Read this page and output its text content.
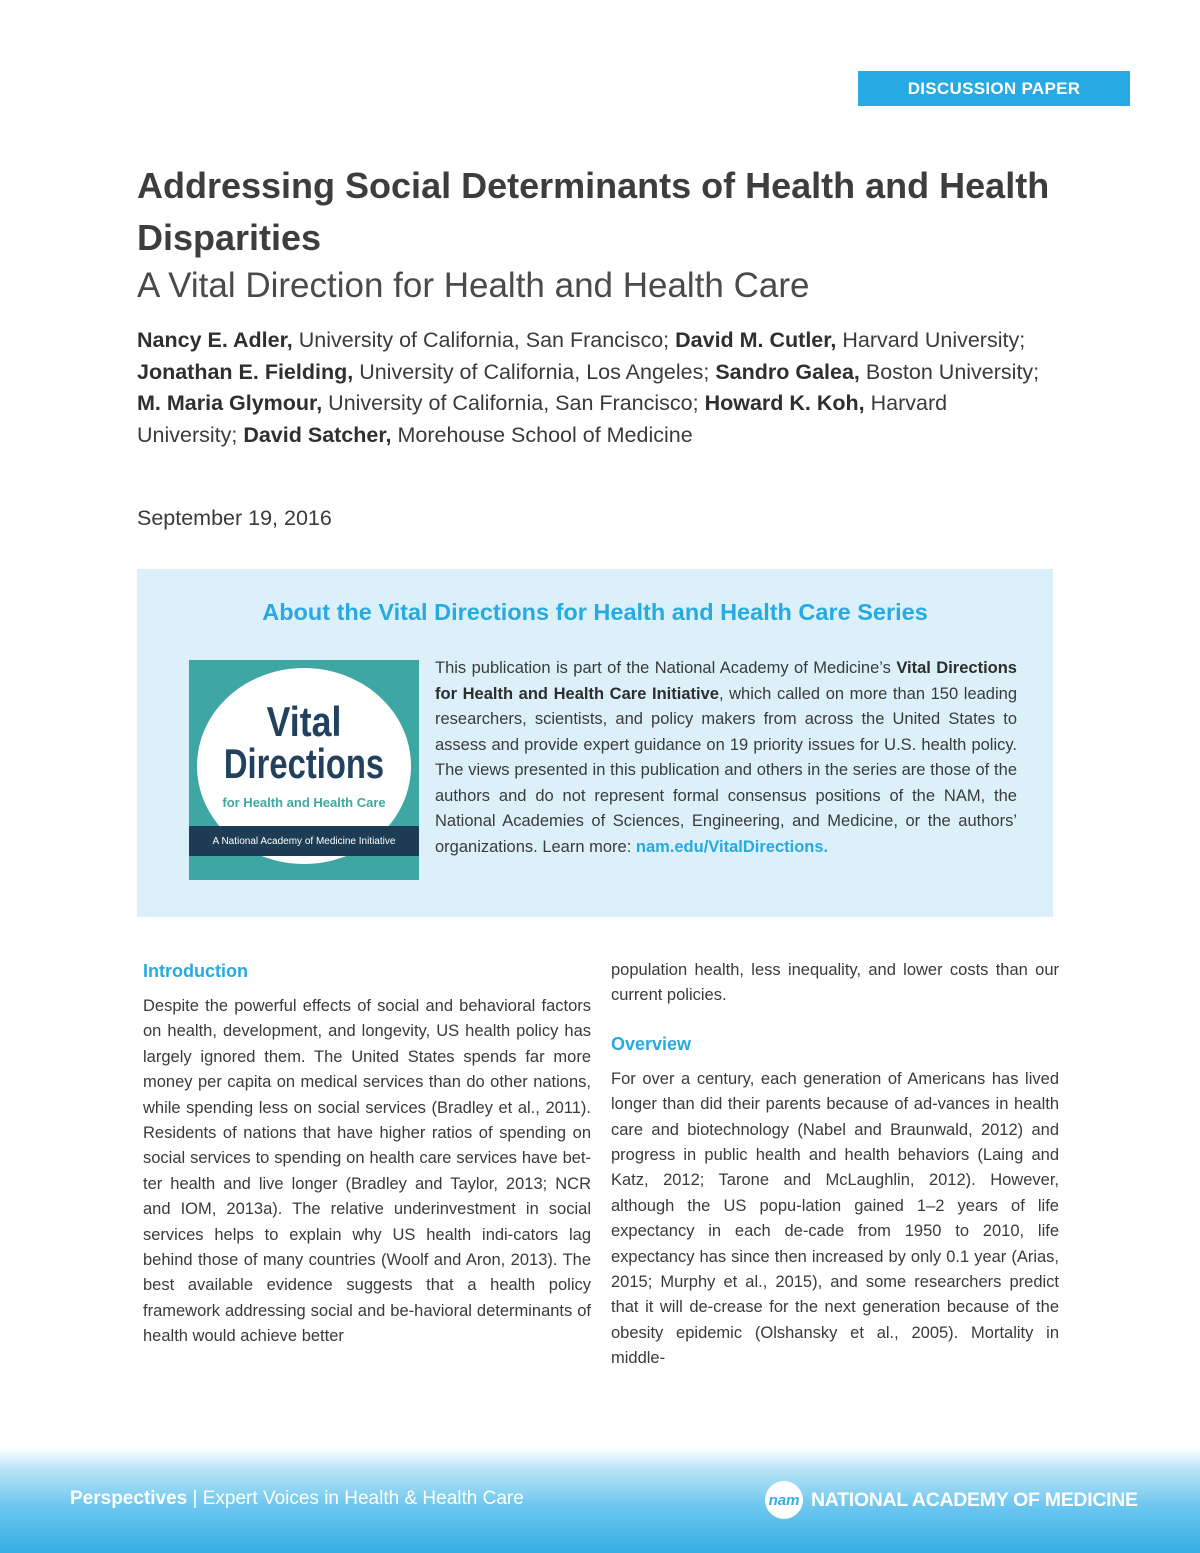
DISCUSSION PAPER
Addressing Social Determinants of Health and Health Disparities
A Vital Direction for Health and Health Care
Nancy E. Adler, University of California, San Francisco; David M. Cutler, Harvard University; Jonathan E. Fielding, University of California, Los Angeles; Sandro Galea, Boston University; M. Maria Glymour, University of California, San Francisco; Howard K. Koh, Harvard University; David Satcher, Morehouse School of Medicine
September 19, 2016
About the Vital Directions for Health and Health Care Series
Vital
Directions
for Health and Health Care
A National Academy of Medicine Initiative
This publication is part of the National Academy of Medicine’s Vital Directions for Health and Health Care Initiative, which called on more than 150 leading researchers, scientists, and policy makers from across the United States to assess and provide expert guidance on 19 priority issues for U.S. health policy. The views presented in this publication and others in the series are those of the authors and do not represent formal consensus positions of the NAM, the National Academies of Sciences, Engineering, and Medicine, or the authors’ organizations. Learn more: nam.edu/VitalDirections.
Introduction

Despite the powerful effects of social and behavioral factors on health, development, and longevity, US health policy has largely ignored them. The United States spends far more money per capita on medical services than do other nations, while spending less on social services (Bradley et al., 2011). Residents of nations that have higher ratios of spending on social services to spending on health care services have bet-ter health and live longer (Bradley and Taylor, 2013; NCR and IOM, 2013a). The relative underinvestment in social services helps to explain why US health indi-cators lag behind those of many countries (Woolf and Aron, 2013). The best available evidence suggests that a health policy framework addressing social and be-havioral determinants of health would achieve better

population health, less inequality, and lower costs than our current policies.

Overview

For over a century, each generation of Americans has lived longer than did their parents because of ad-vances in health care and biotechnology (Nabel and Braunwald, 2012) and progress in public health and health behaviors (Laing and Katz, 2012; Tarone and McLaughlin, 2012). However, although the US popu-lation gained 1–2 years of life expectancy in each de-cade from 1950 to 2010, life expectancy has since then increased by only 0.1 year (Arias, 2015; Murphy et al., 2015), and some researchers predict that it will de-crease for the next generation because of the obesity epidemic (Olshansky et al., 2005). Mortality in middle-

Perspectives | Expert Voices in Health & Health Care	nam NATIONAL ACADEMY OF MEDICINE
